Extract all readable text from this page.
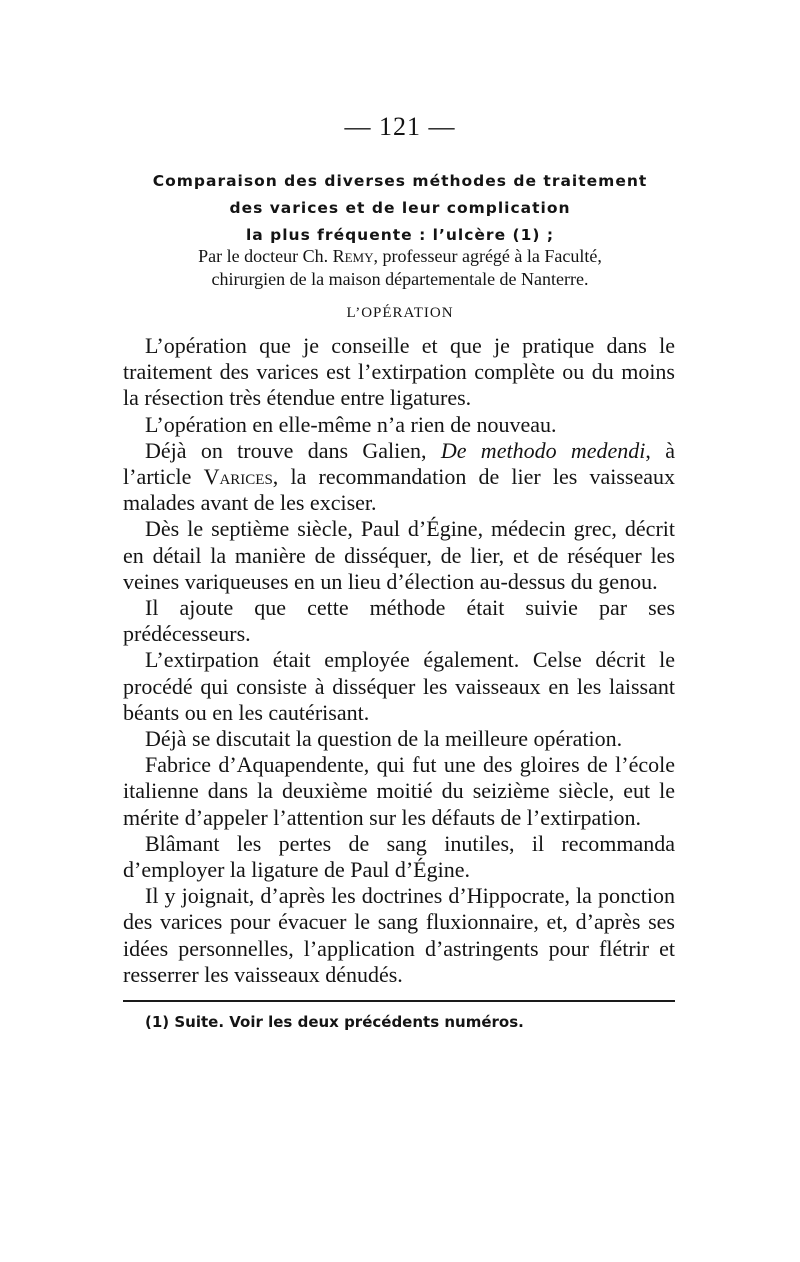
— 121 —
Comparaison des diverses méthodes de traitement
des varices et de leur complication
la plus fréquente : l’ulcère (1) ;
Par le docteur Ch. Remy, professeur agrégé à la Faculté,
chirurgien de la maison départementale de Nanterre.
L’OPÉRATION

L’opération que je conseille et que je pratique dans le traitement des varices est l’extirpation complète ou du moins la résection très étendue entre ligatures.

L’opération en elle-même n’a rien de nouveau.

Déjà on trouve dans Galien, De methodo medendi, à l’article Varices, la recommandation de lier les vaisseaux malades avant de les exciser.

Dès le septième siècle, Paul d’Égine, médecin grec, décrit en détail la manière de disséquer, de lier, et de réséquer les veines variqueuses en un lieu d’élection au-dessus du genou.

Il ajoute que cette méthode était suivie par ses prédécesseurs.

L’extirpation était employée également. Celse décrit le procédé qui consiste à disséquer les vaisseaux en les laissant béants ou en les cautérisant.

Déjà se discutait la question de la meilleure opération.

Fabrice d’Aquapendente, qui fut une des gloires de l’école italienne dans la deuxième moitié du seizième siècle, eut le mérite d’appeler l’attention sur les défauts de l’extirpation.

Blâmant les pertes de sang inutiles, il recommanda d’employer la ligature de Paul d’Égine.

Il y joignait, d’après les doctrines d’Hippocrate, la ponction des varices pour évacuer le sang fluxionnaire, et, d’après ses idées personnelles, l’application d’astringents pour flétrir et resserrer les vaisseaux dénudés.

(1) Suite. Voir les deux précédents numéros.
